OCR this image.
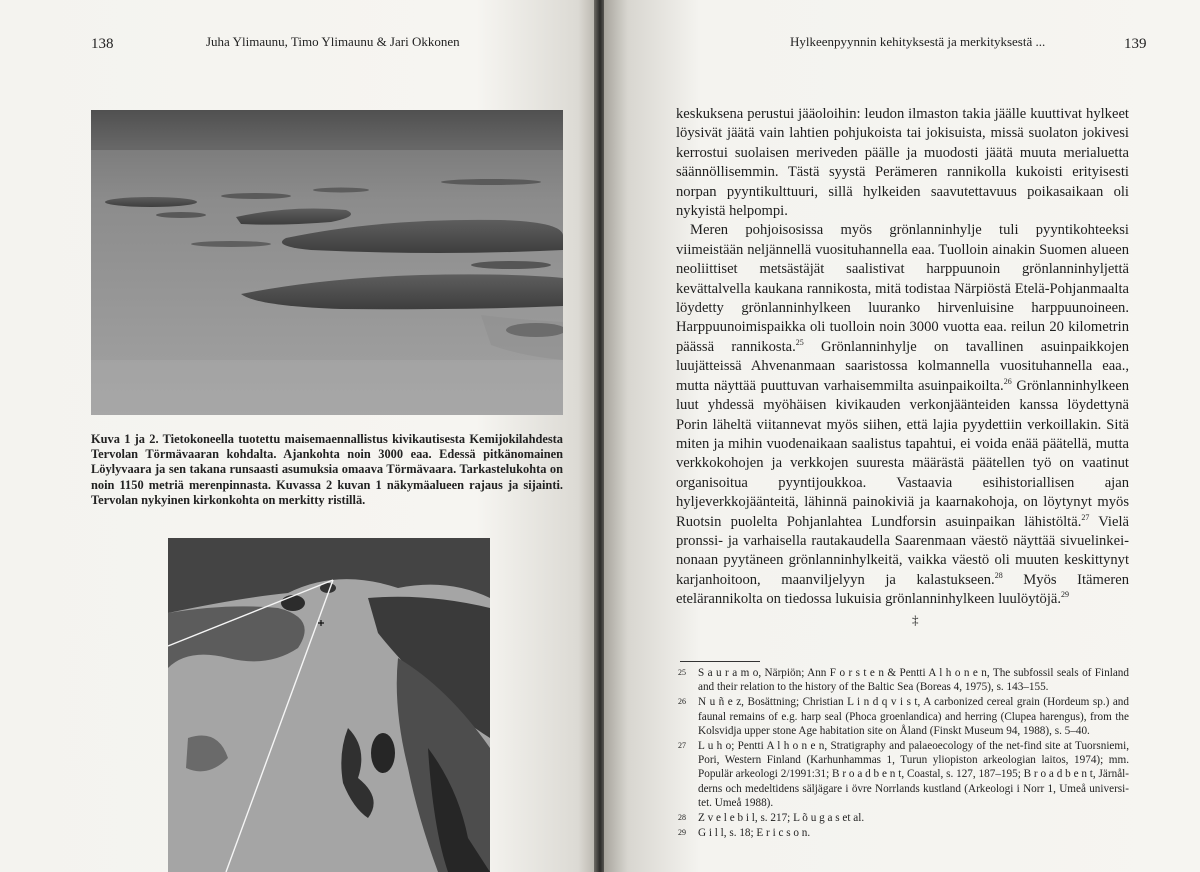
138	Juha Ylimaunu, Timo Ylimaunu & Jari Okkonen
Kuva 1 ja 2. Tietokoneella tuotettu maisemaennallistus kivikautisesta Kemijokilahdesta Tervolan Törmävaaran kohdalta. Ajankohta noin 3000 eaa. Edessä pitkänomainen Löylyvaara ja sen takana runsaasti asumuksia omaava Törmävaara. Tarkastelukohta on noin 1150 metriä merenpinnasta. Kuvassa 2 kuvan 1 näkymäalueen rajaus ja sijainti. Tervolan nykyinen kirkonkohta on merkitty ristillä.
Hylkeenpyynnin kehityksestä ja merkityksestä ...	139

keskuksena perustui jääoloihin: leudon ilmaston takia jäälle kuuttivat hylkeet löysivät jäätä vain lahtien pohjukoista tai jokisuista, missä suolaton jokivesi kerrostui suolaisen meriveden päälle ja muodosti jäätä muuta merialuetta säännöllisemmin. Tästä syystä Perämeren rannikolla kukoisti erityisesti norpan pyyntikulttuuri, sillä hylkeiden saavutettavuus poikasaikaan oli nykyistä helpompi.

Meren pohjoisosissa myös grönlanninhylje tuli pyyntikohteeksi viimeistään neljännellä vuosituhannella eaa. Tuolloin ainakin Suomen alueen neoliittiset metsästäjät saalistivat harppuunoin grönlanninhyljettä kevättalvella kaukana rannikosta, mitä todistaa Närpiöstä Etelä-Pohjanmaalta löydetty grönlanninhylkeen luuranko hirvenluisine harppuunoineen. Harppuunoimispaikka oli tuolloin noin 3000 vuotta eaa. reilun 20 kilometrin päässä rannikosta.$^{25}$ Grönlanninhylje on tavallinen asuinpaikkojen luujätteissä Ahvenanmaan saaristossa kolmannella vuosituhannella eaa., mutta näyttää puuttuvan varhaisemmilta asuinpaikoilta.$^{26}$ Grönlanninhylkeen luut yhdessä myöhäisen kivikauden verkonjäänteiden kanssa löydettynä Porin läheltä viitannevat myös siihen, että lajia pyydettiin verkoillakin. Sitä miten ja mihin vuodenaikaan saalistus tapahtui, ei voida enää päätellä, mutta verkkokohojen ja verkkojen suuresta määrästä päätellen työ on vaatinut organisoitua pyyntijoukkoa. Vastaavia esihistoriallisen ajan hyljeverkkojäänteitä, lähinnä painokiviä ja kaarnakohoja, on löytynyt myös Ruotsin puolelta Pohjanlahtea Lundforsin asuinpaikan lähistöltä.$^{27}$ Vielä pronssi- ja varhaisella rautakaudella Saarenmaan väestö näyttää sivuelinkeinonaan pyytäneen grönlanninhylkeitä, vaikka väestö oli muuten keskittynyt karjanhoitoon, maanviljelyyn ja kalastukseen.$^{28}$ Myös Itämeren etelärannikolta on tiedossa lukuisia grönlanninhylkeen luulöytöjä.$^{29}$

‡
25 S a u r a m o, Närpiön; Ann F o r s t e n & Pentti A l h o n e n, The subfossil seals of Finland and their relation to the history of the Baltic Sea (Boreas 4, 1975), s. 143–155.
26 N u ñ e z, Bosättning; Christian L i n d q v i s t, A carbonized cereal grain (Hordeum sp.) and faunal remains of e.g. harp seal (Phoca groenlandica) and herring (Clupea harengus), from the Kolsvidja upper stone Age habitation site on Åland (Finskt Museum 94, 1988), s. 5–40.
27 L u h o; Pentti A l h o n e n, Stratigraphy and palaeoecology of the net-find site at Tuorsniemi, Pori, Western Finland (Karhunhammas 1, Turun yliopiston arkeologian laitos, 1974); mm. Populär arkeologi 2/1991:31; B r o a d b e n t, Coastal, s. 127, 187–195; B r o a d b e n t, Järnålderns och medeltidens säljägare i övre Norrlands kustland (Arkeologi i Norr 1, Umeå universitet. Umeå 1988).
28 Z v e l e b i l, s. 217; L õ u g a s et al.
29 G i l l, s. 18; E r i c s o n.
